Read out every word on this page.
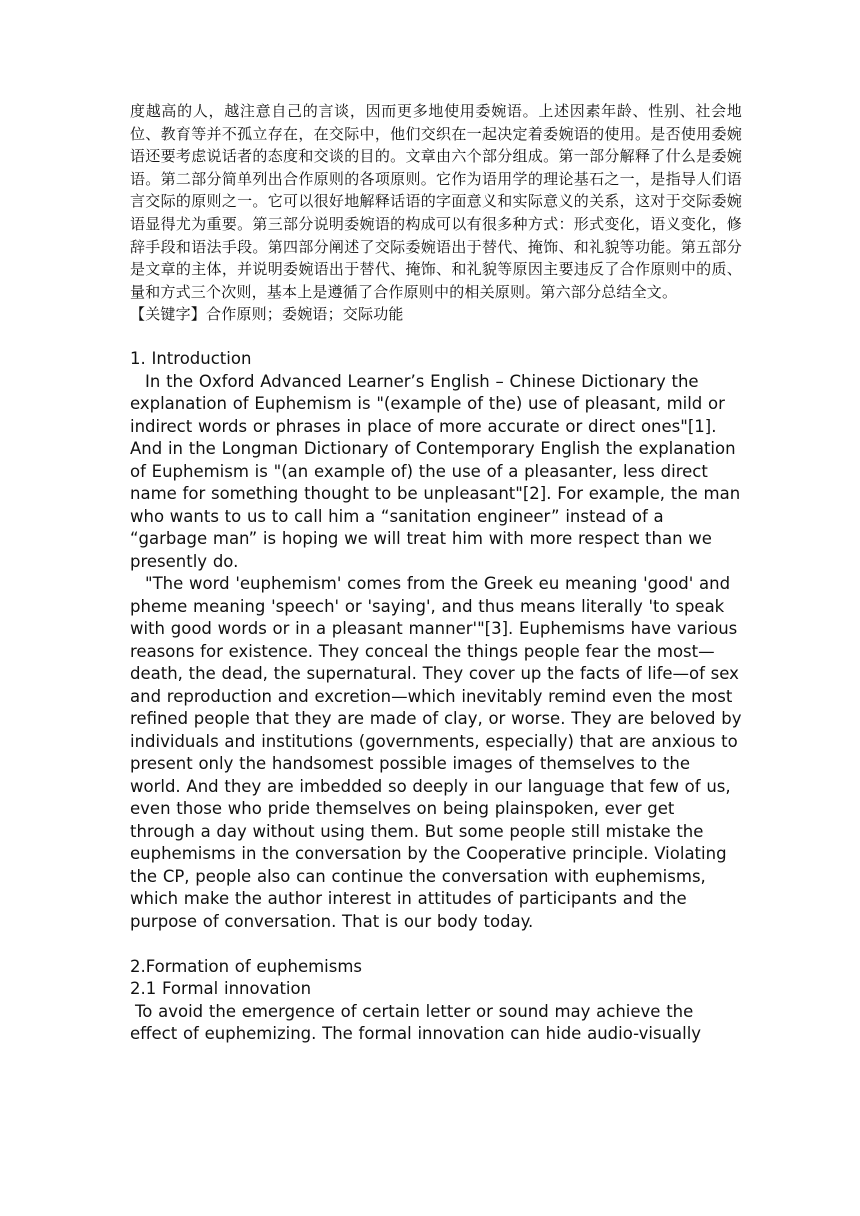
度越高的人，越注意自己的言谈，因而更多地使用委婉语。上述因素年龄、性别、社会地位、教育等并不孤立存在，在交际中，他们交织在一起决定着委婉语的使用。是否使用委婉语还要考虑说话者的态度和交谈的目的。文章由六个部分组成。第一部分解释了什么是委婉语。第二部分简单列出合作原则的各项原则。它作为语用学的理论基石之一，是指导人们语言交际的原则之一。它可以很好地解释话语的字面意义和实际意义的关系，这对于交际委婉语显得尤为重要。第三部分说明委婉语的构成可以有很多种方式：形式变化，语义变化，修辞手段和语法手段。第四部分阐述了交际委婉语出于替代、掩饰、和礼貌等功能。第五部分是文章的主体，并说明委婉语出于替代、掩饰、和礼貌等原因主要违反了合作原则中的质、量和方式三个次则，基本上是遵循了合作原则中的相关原则。第六部分总结全文。

【关键字】合作原则；委婉语；交际功能

1. Introduction

In the Oxford Advanced Learner’s English – Chinese Dictionary the explanation of Euphemism is "(example of the) use of pleasant, mild or indirect words or phrases in place of more accurate or direct ones"[1]. And in the Longman Dictionary of Contemporary English the explanation of Euphemism is "(an example of) the use of a pleasanter, less direct name for something thought to be unpleasant"[2]. For example, the man who wants to us to call him a “sanitation engineer” instead of a “garbage man” is hoping we will treat him with more respect than we presently do.

"The word 'euphemism' comes from the Greek eu meaning 'good' and pheme meaning 'speech' or 'saying', and thus means literally 'to speak with good words or in a pleasant manner'"[3]. Euphemisms have various reasons for existence. They conceal the things people fear the most—death, the dead, the supernatural. They cover up the facts of life—of sex and reproduction and excretion—which inevitably remind even the most refined people that they are made of clay, or worse. They are beloved by individuals and institutions (governments, especially) that are anxious to present only the handsomest possible images of themselves to the world. And they are imbedded so deeply in our language that few of us, even those who pride themselves on being plainspoken, ever get through a day without using them. But some people still mistake the euphemisms in the conversation by the Cooperative principle. Violating the CP, people also can continue the conversation with euphemisms, which make the author interest in attitudes of participants and the purpose of conversation. That is our body today.

2.Formation of euphemisms

2.1 Formal innovation

To avoid the emergence of certain letter or sound may achieve the effect of euphemizing. The formal innovation can hide audio-visually
